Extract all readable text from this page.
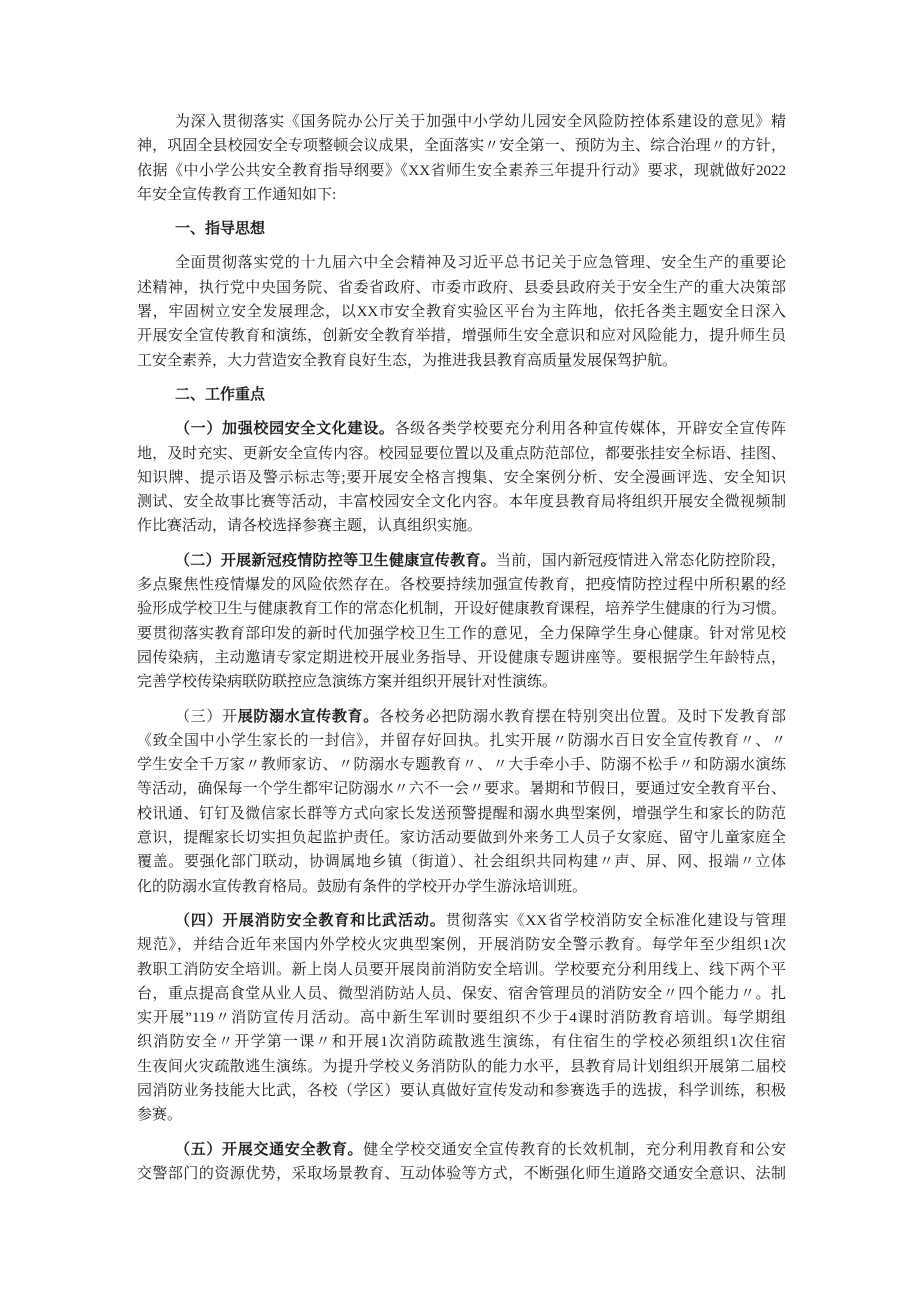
为深入贯彻落实《国务院办公厅关于加强中小学幼儿园安全风险防控体系建设的意见》精
神，巩固全县校园安全专项整顿会议成果，全面落实〃安全第一、预防为主、综合治理〃的方针，
依据《中小学公共安全教育指导纲要》《XX省师生安全素养三年提升行动》要求，现就做好2022
年安全宣传教育工作通知如下:
一、指导思想
全面贯彻落实党的十九届六中全会精神及习近平总书记关于应急管理、安全生产的重要论
述精神，执行党中央国务院、省委省政府、市委市政府、县委县政府关于安全生产的重大决策部
署，牢固树立安全发展理念，以XX市安全教育实验区平台为主阵地，依托各类主题安全日深入
开展安全宣传教育和演练，创新安全教育举措，增强师生安全意识和应对风险能力，提升师生员
工安全素养，大力营造安全教育良好生态，为推进我县教育高质量发展保驾护航。
二、工作重点
（一）加强校园安全文化建设。各级各类学校要充分利用各种宣传媒体，开辟安全宣传阵
地，及时充实、更新安全宣传内容。校园显要位置以及重点防范部位，都要张挂安全标语、挂图、
知识牌、提示语及警示标志等;要开展安全格言搜集、安全案例分析、安全漫画评选、安全知识
测试、安全故事比赛等活动，丰富校园安全文化内容。本年度县教育局将组织开展安全微视频制
作比赛活动，请各校选择参赛主题，认真组织实施。
（二）开展新冠疫情防控等卫生健康宣传教育。当前，国内新冠疫情进入常态化防控阶段，
多点聚焦性疫情爆发的风险依然存在。各校要持续加强宣传教育，把疫情防控过程中所积累的经
验形成学校卫生与健康教育工作的常态化机制，开设好健康教育课程，培养学生健康的行为习惯。
要贯彻落实教育部印发的新时代加强学校卫生工作的意见，全力保障学生身心健康。针对常见校
园传染病，主动邀请专家定期进校开展业务指导、开设健康专题讲座等。要根据学生年龄特点，
完善学校传染病联防联控应急演练方案并组织开展针对性演练。
（三）开展防溺水宣传教育。各校务必把防溺水教育摆在特别突出位置。及时下发教育部
《致全国中小学生家长的一封信》，并留存好回执。扎实开展〃防溺水百日安全宣传教育〃、〃
学生安全千万家〃教师家访、〃防溺水专题教育〃、〃大手牵小手、防溺不松手〃和防溺水演练
等活动，确保每一个学生都牢记防溺水〃六不一会〃要求。暑期和节假日，要通过安全教育平台、
校讯通、钉钉及微信家长群等方式向家长发送预警提醒和溺水典型案例，增强学生和家长的防范
意识，提醒家长切实担负起监护责任。家访活动要做到外来务工人员子女家庭、留守儿童家庭全
覆盖。要强化部门联动，协调属地乡镇（街道）、社会组织共同构建〃声、屏、网、报端〃立体
化的防溺水宣传教育格局。鼓励有条件的学校开办学生游泳培训班。
（四）开展消防安全教育和比武活动。贯彻落实《XX省学校消防安全标准化建设与管理
规范》，并结合近年来国内外学校火灾典型案例，开展消防安全警示教育。每学年至少组织1次
教职工消防安全培训。新上岗人员要开展岗前消防安全培训。学校要充分利用线上、线下两个平
台，重点提高食堂从业人员、微型消防站人员、保安、宿舍管理员的消防安全〃四个能力〃。扎
实开展”119〃消防宣传月活动。高中新生军训时要组织不少于4课时消防教育培训。每学期组
织消防安全〃开学第一课〃和开展1次消防疏散逃生演练，有住宿生的学校必须组织1次住宿
生夜间火灾疏散逃生演练。为提升学校义务消防队的能力水平，县教育局计划组织开展第二届校
园消防业务技能大比武，各校（学区）要认真做好宣传发动和参赛选手的选拔，科学训练，积极
参赛。
（五）开展交通安全教育。健全学校交通安全宣传教育的长效机制，充分利用教育和公安
交警部门的资源优势，采取场景教育、互动体验等方式，不断强化师生道路交通安全意识、法制
